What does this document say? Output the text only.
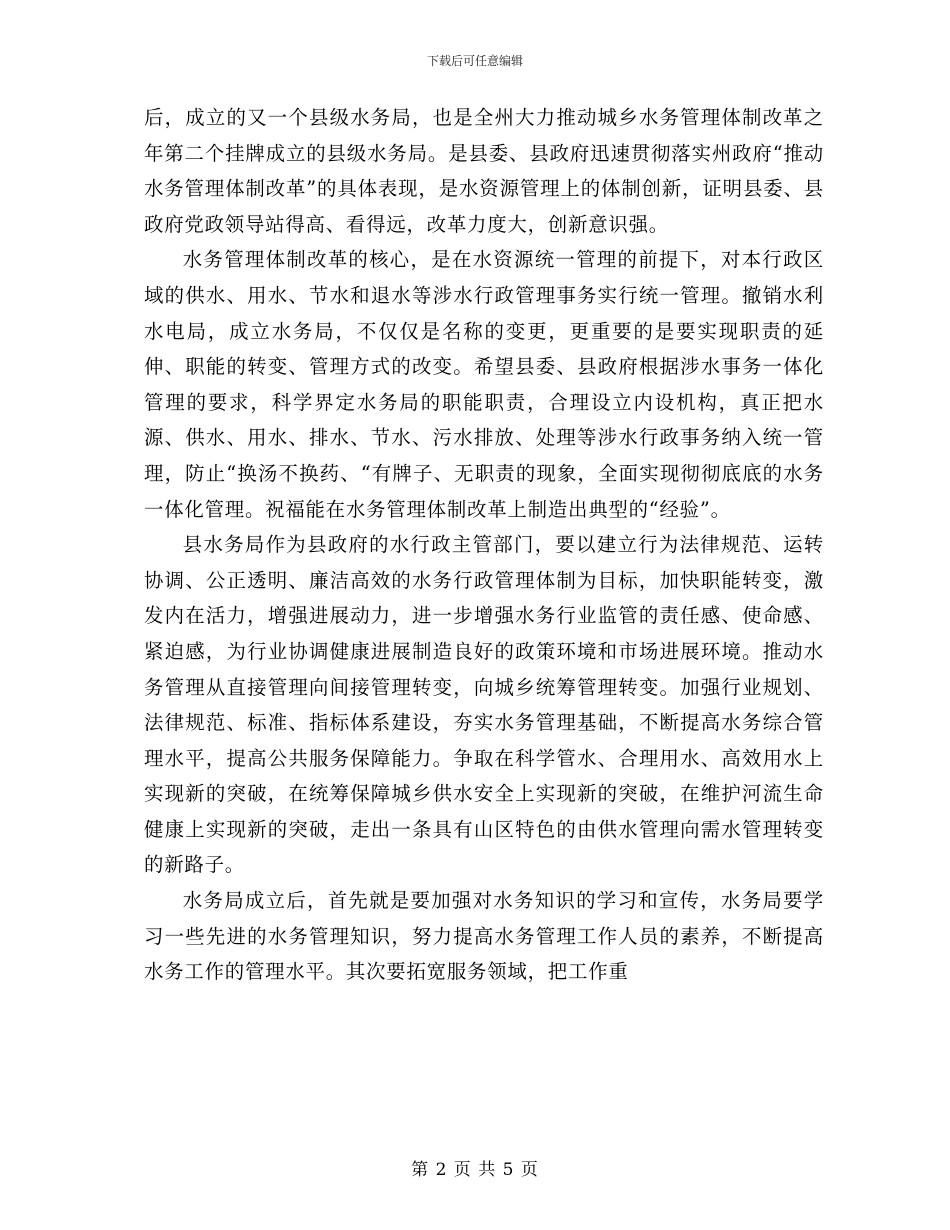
下载后可任意编辑

后，成立的又一个县级水务局，也是全州大力推动城乡水务管理体制改革之年第二个挂牌成立的县级水务局。是县委、县政府迅速贯彻落实州政府“推动水务管理体制改革”的具体表现，是水资源管理上的体制创新，证明县委、县政府党政领导站得高、看得远，改革力度大，创新意识强。

水务管理体制改革的核心，是在水资源统一管理的前提下，对本行政区域的供水、用水、节水和退水等涉水行政管理事务实行统一管理。撤销水利水电局，成立水务局，不仅仅是名称的变更，更重要的是要实现职责的延伸、职能的转变、管理方式的改变。希望县委、县政府根据涉水事务一体化管理的要求，科学界定水务局的职能职责，合理设立内设机构，真正把水源、供水、用水、排水、节水、污水排放、处理等涉水行政事务纳入统一管理，防止“换汤不换药、“有牌子、无职责的现象，全面实现彻彻底底的水务一体化管理。祝福能在水务管理体制改革上制造出典型的“经验”。

县水务局作为县政府的水行政主管部门，要以建立行为法律规范、运转协调、公正透明、廉洁高效的水务行政管理体制为目标，加快职能转变，激发内在活力，增强进展动力，进一步增强水务行业监管的责任感、使命感、紧迫感，为行业协调健康进展制造良好的政策环境和市场进展环境。推动水务管理从直接管理向间接管理转变，向城乡统筹管理转变。加强行业规划、法律规范、标准、指标体系建设，夯实水务管理基础，不断提高水务综合管理水平，提高公共服务保障能力。争取在科学管水、合理用水、高效用水上实现新的突破，在统筹保障城乡供水安全上实现新的突破，在维护河流生命健康上实现新的突破，走出一条具有山区特色的由供水管理向需水管理转变的新路子。

水务局成立后，首先就是要加强对水务知识的学习和宣传，水务局要学习一些先进的水务管理知识，努力提高水务管理工作人员的素养，不断提高水务工作的管理水平。其次要拓宽服务领域，把工作重

第 2 页 共 5 页
